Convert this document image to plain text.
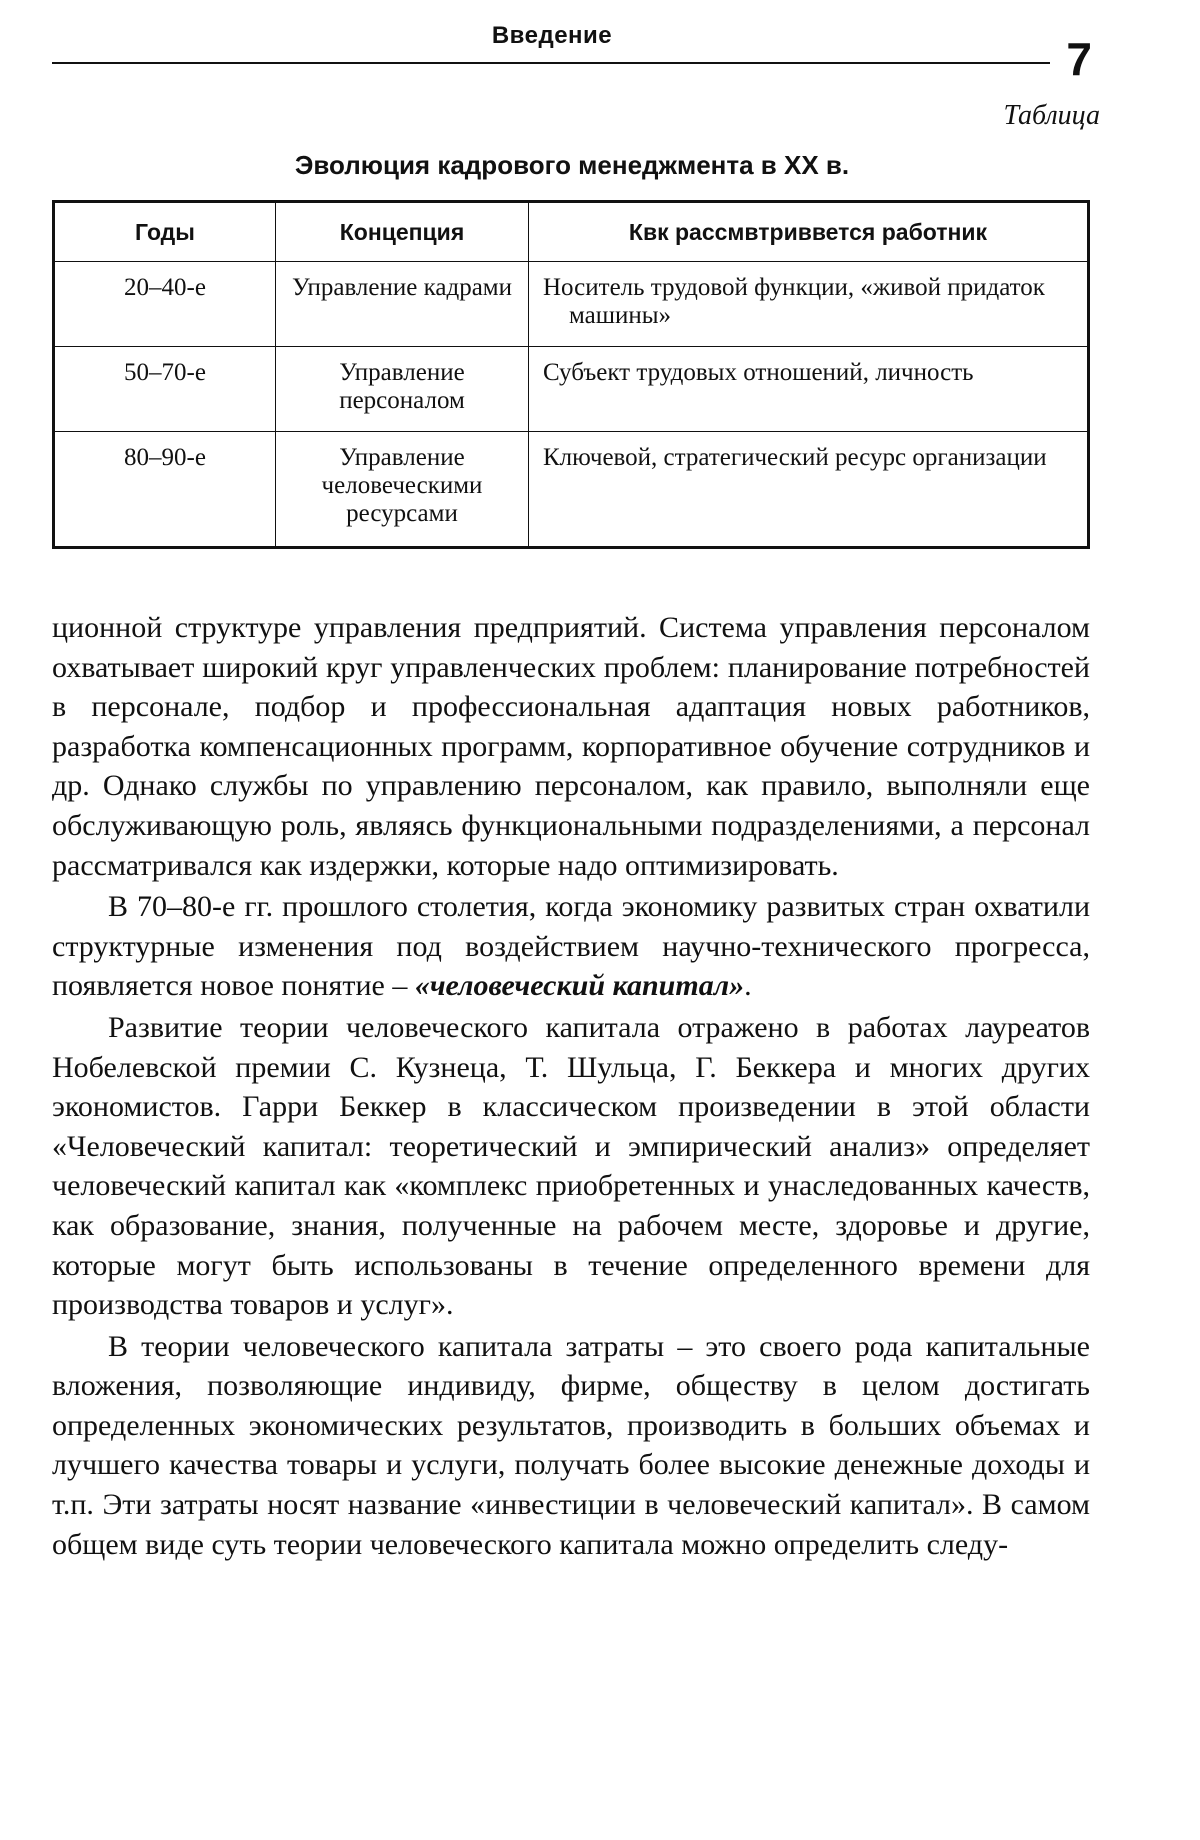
Введение	7
Таблица
Эволюция кадрового менеджмента в XX в.
Годы	Концепция	Квк рассмвтриввется работник
20–40-е	Управление кадрами	Носитель трудовой функции, «живой придаток машины»

50–70-е	Управление персоналом	Субъект трудовых отношений, личность

80–90-е	Управление человеческими ресурсами	Ключевой, стратегический ресурс организации

ционной структуре управления предприятий. Система управления персоналом охватывает широкий круг управленческих проблем: планирование потребностей в персонале, подбор и профессиональная адаптация новых работников, разработка компенсационных программ, корпоративное обучение сотрудников и др. Однако службы по управлению персоналом, как правило, выполняли еще обслуживающую роль, являясь функциональными подразделениями, а персонал рассматривался как издержки, которые надо оптимизировать.

В 70–80-е гг. прошлого столетия, когда экономику развитых стран охватили структурные изменения под воздействием научно-технического прогресса, появляется новое понятие – «человеческий капитал».

Развитие теории человеческого капитала отражено в работах лауреатов Нобелевской премии С. Кузнеца, Т. Шульца, Г. Беккера и многих других экономистов. Гарри Беккер в классическом произведении в этой области «Человеческий капитал: теоретический и эмпирический анализ» определяет человеческий капитал как «комплекс приобретенных и унаследованных качеств, как образование, знания, полученные на рабочем месте, здоровье и другие, которые могут быть использованы в течение определенного времени для производства товаров и услуг».

В теории человеческого капитала затраты – это своего рода капитальные вложения, позволяющие индивиду, фирме, обществу в целом достигать определенных экономических результатов, производить в больших объемах и лучшего качества товары и услуги, получать более высокие денежные доходы и т.п. Эти затраты носят название «инвестиции в человеческий капитал». В самом общем виде суть теории человеческого капитала можно определить следу-
